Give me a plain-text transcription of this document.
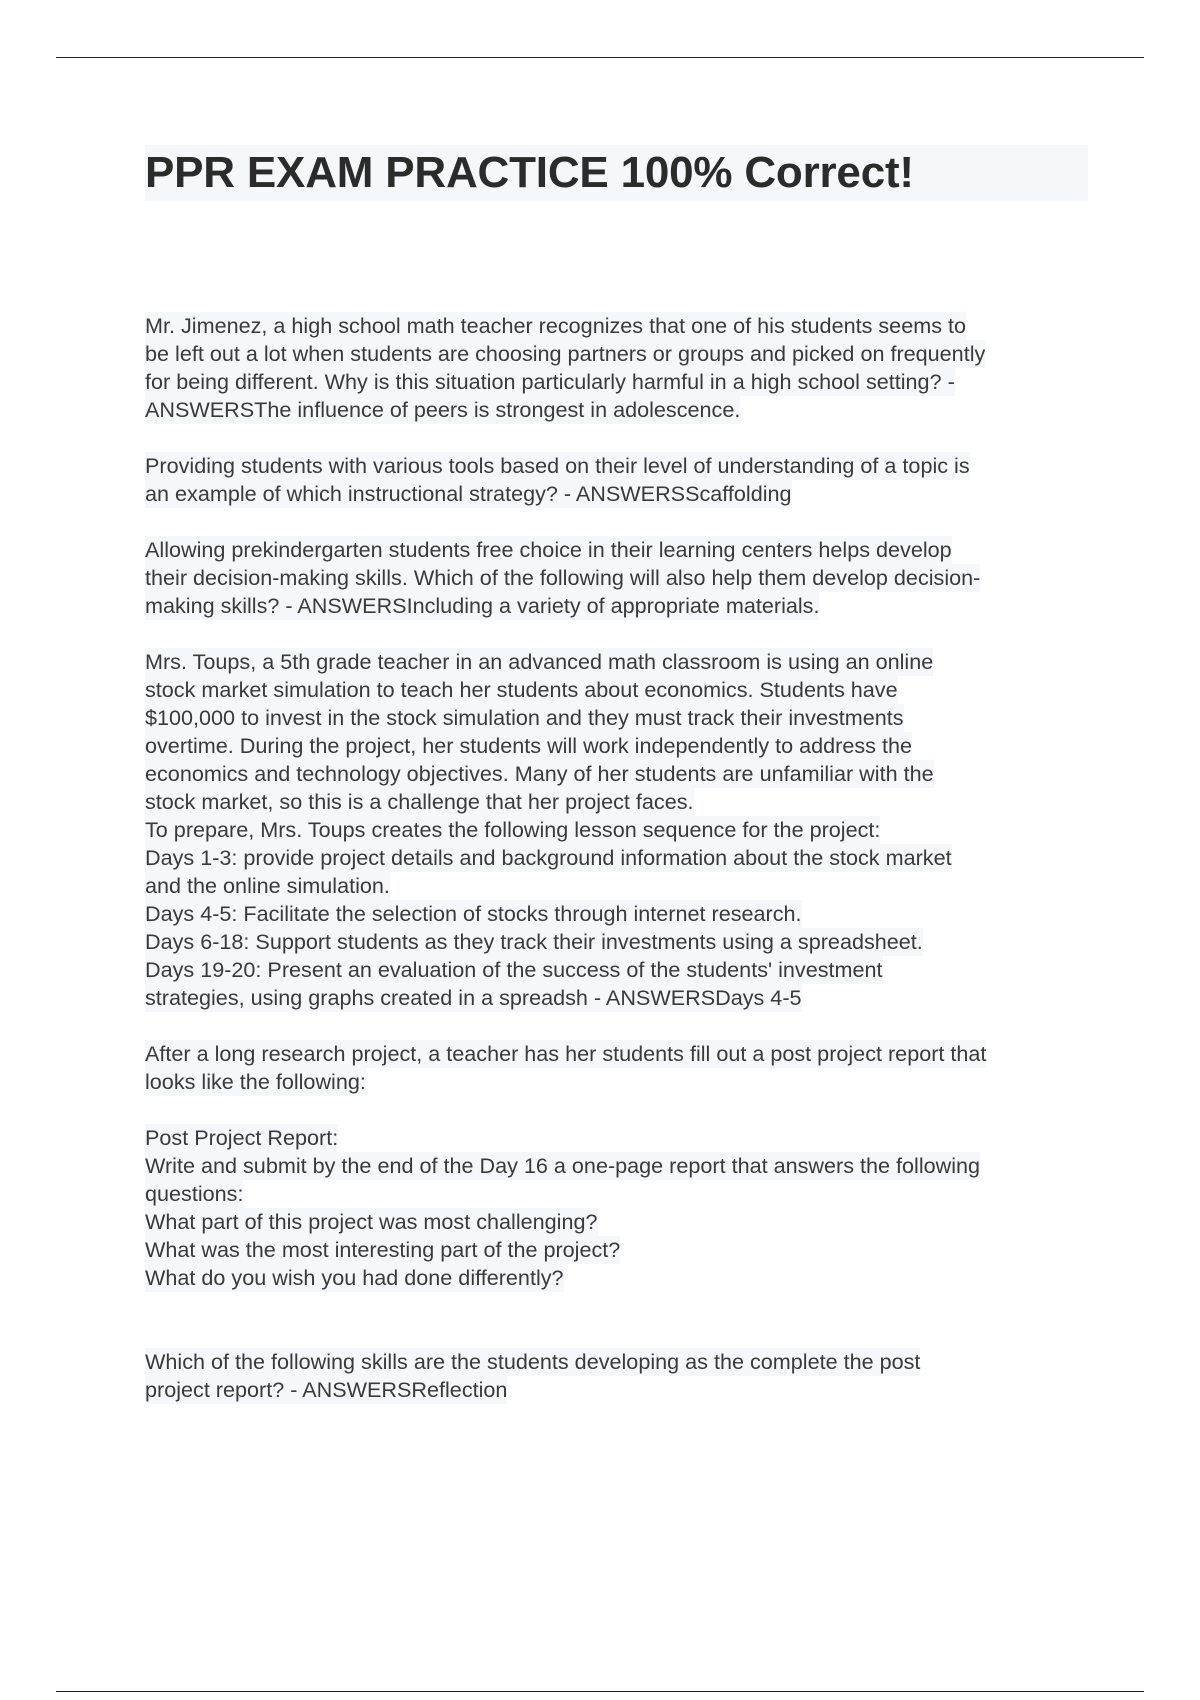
PPR EXAM PRACTICE 100% Correct!
Mr. Jimenez, a high school math teacher recognizes that one of his students seems to
be left out a lot when students are choosing partners or groups and picked on frequently
for being different. Why is this situation particularly harmful in a high school setting? -
ANSWERSThe influence of peers is strongest in adolescence.
Providing students with various tools based on their level of understanding of a topic is
an example of which instructional strategy? - ANSWERSScaffolding
Allowing prekindergarten students free choice in their learning centers helps develop
their decision-making skills. Which of the following will also help them develop decision-
making skills? - ANSWERSIncluding a variety of appropriate materials.
Mrs. Toups, a 5th grade teacher in an advanced math classroom is using an online
stock market simulation to teach her students about economics. Students have
$100,000 to invest in the stock simulation and they must track their investments
overtime. During the project, her students will work independently to address the
economics and technology objectives. Many of her students are unfamiliar with the
stock market, so this is a challenge that her project faces.
To prepare, Mrs. Toups creates the following lesson sequence for the project:
Days 1-3: provide project details and background information about the stock market
and the online simulation.
Days 4-5: Facilitate the selection of stocks through internet research.
Days 6-18: Support students as they track their investments using a spreadsheet.
Days 19-20: Present an evaluation of the success of the students' investment
strategies, using graphs created in a spreadsh - ANSWERSDays 4-5
After a long research project, a teacher has her students fill out a post project report that
looks like the following:
Post Project Report:
Write and submit by the end of the Day 16 a one-page report that answers the following
questions:
What part of this project was most challenging?
What was the most interesting part of the project?
What do you wish you had done differently?
Which of the following skills are the students developing as the complete the post
project report? - ANSWERSReflection
